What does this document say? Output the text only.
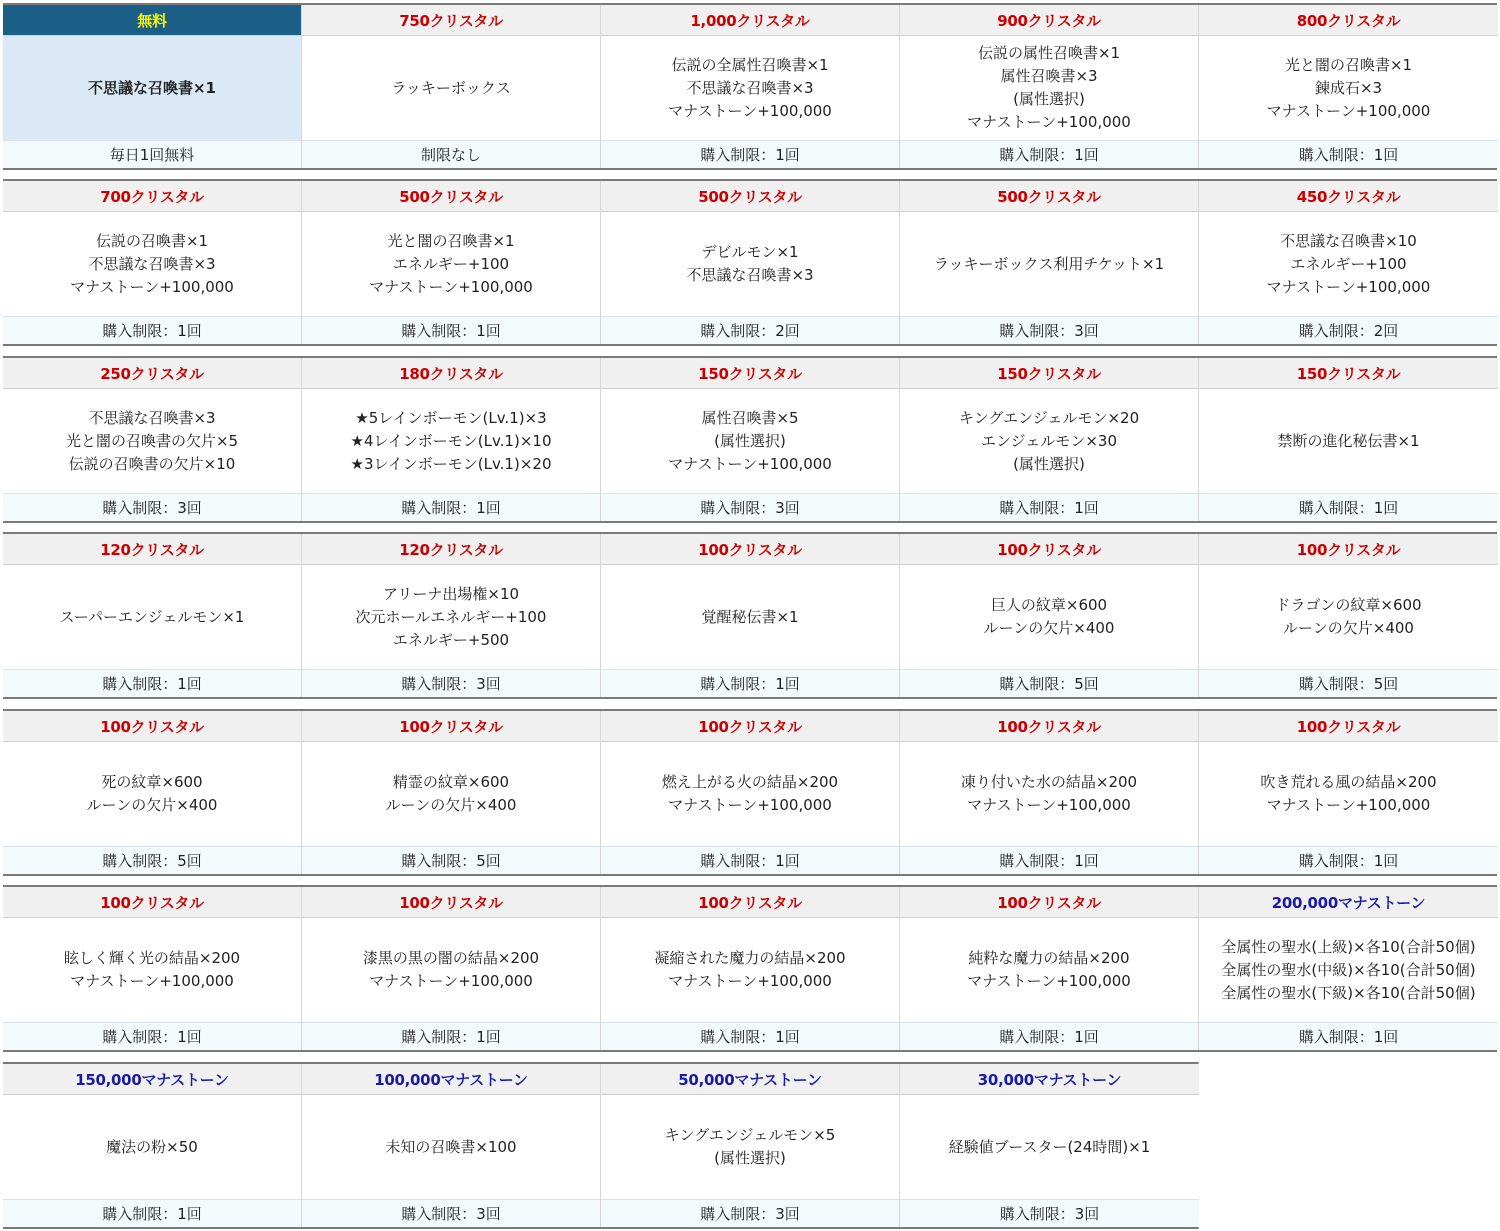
無料
不思議な召喚書×1
毎日1回無料
750クリスタル
ラッキーボックス
制限なし
1,000クリスタル
伝説の全属性召喚書×1
不思議な召喚書×3
マナストーン+100,000
購入制限：1回
900クリスタル
伝説の属性召喚書×1
属性召喚書×3
(属性選択)
マナストーン+100,000
購入制限：1回
800クリスタル
光と闇の召喚書×1
錬成石×3
マナストーン+100,000
購入制限：1回
700クリスタル
伝説の召喚書×1
不思議な召喚書×3
マナストーン+100,000
購入制限：1回
500クリスタル
光と闇の召喚書×1
エネルギー+100
マナストーン+100,000
購入制限：1回
500クリスタル
デビルモン×1
不思議な召喚書×3
購入制限：2回
500クリスタル
ラッキーボックス利用チケット×1
購入制限：3回
450クリスタル
不思議な召喚書×10
エネルギー+100
マナストーン+100,000
購入制限：2回
250クリスタル
不思議な召喚書×3
光と闇の召喚書の欠片×5
伝説の召喚書の欠片×10
購入制限：3回
180クリスタル
★5レインボーモン(Lv.1)×3
★4レインボーモン(Lv.1)×10
★3レインボーモン(Lv.1)×20
購入制限：1回
150クリスタル
属性召喚書×5
(属性選択)
マナストーン+100,000
購入制限：3回
150クリスタル
キングエンジェルモン×20
エンジェルモン×30
(属性選択)
購入制限：1回
150クリスタル
禁断の進化秘伝書×1
購入制限：1回
120クリスタル
スーパーエンジェルモン×1
購入制限：1回
120クリスタル
アリーナ出場権×10
次元ホールエネルギー+100
エネルギー+500
購入制限：3回
100クリスタル
覚醒秘伝書×1
購入制限：1回
100クリスタル
巨人の紋章×600
ルーンの欠片×400
購入制限：5回
100クリスタル
ドラゴンの紋章×600
ルーンの欠片×400
購入制限：5回
100クリスタル
死の紋章×600
ルーンの欠片×400
購入制限：5回
100クリスタル
精霊の紋章×600
ルーンの欠片×400
購入制限：5回
100クリスタル
燃え上がる火の結晶×200
マナストーン+100,000
購入制限：1回
100クリスタル
凍り付いた水の結晶×200
マナストーン+100,000
購入制限：1回
100クリスタル
吹き荒れる風の結晶×200
マナストーン+100,000
購入制限：1回
100クリスタル
眩しく輝く光の結晶×200
マナストーン+100,000
購入制限：1回
100クリスタル
漆黒の黒の闇の結晶×200
マナストーン+100,000
購入制限：1回
100クリスタル
凝縮された魔力の結晶×200
マナストーン+100,000
購入制限：1回
100クリスタル
純粋な魔力の結晶×200
マナストーン+100,000
購入制限：1回
200,000マナストーン
全属性の聖水(上級)×各10(合計50個)
全属性の聖水(中級)×各10(合計50個)
全属性の聖水(下級)×各10(合計50個)
購入制限：1回
150,000マナストーン
魔法の粉×50
購入制限：1回
100,000マナストーン
未知の召喚書×100
購入制限：3回
50,000マナストーン
キングエンジェルモン×5
(属性選択)
購入制限：3回
30,000マナストーン
経験値ブースター(24時間)×1
購入制限：3回
